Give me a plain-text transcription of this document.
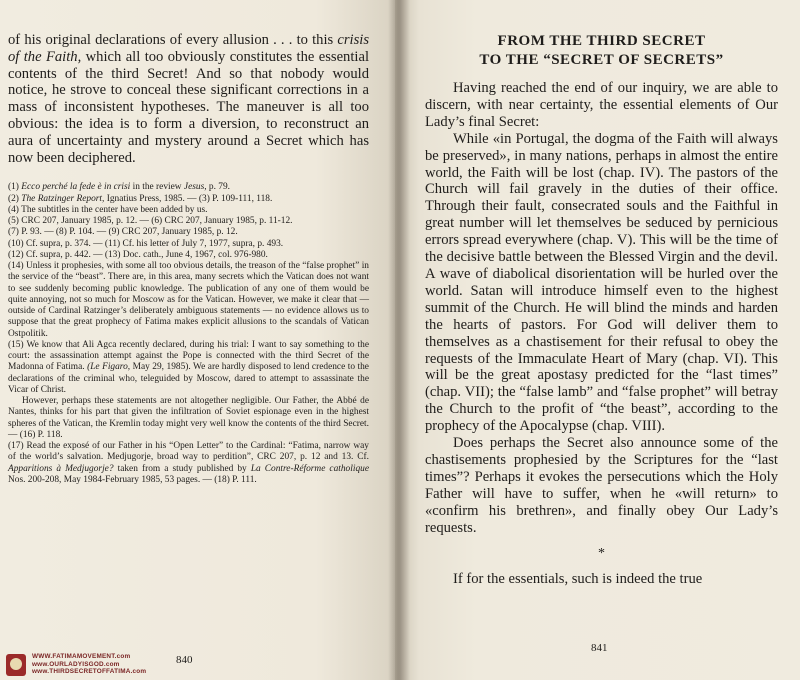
of his original declarations of every allusion . . . to this crisis of the Faith, which all too obviously constitutes the essential contents of the third Secret! And so that nobody would notice, he strove to conceal these significant corrections in a mass of inconsistent hypotheses. The maneuver is all too obvious: the idea is to form a diversion, to reconstruct an aura of uncertainty and mystery around a Secret which has now been deciphered.

(1) Ecco perché la fede è in crisi in the review Jesus, p. 79.

(2) The Ratzinger Report, Ignatius Press, 1985. — (3) P. 109-111, 118.

(4) The subtitles in the center have been added by us.

(5) CRC 207, January 1985, p. 12. — (6) CRC 207, January 1985, p. 11-12.

(7) P. 93. — (8) P. 104. — (9) CRC 207, January 1985, p. 12.

(10) Cf. supra, p. 374. — (11) Cf. his letter of July 7, 1977, supra, p. 493.

(12) Cf. supra, p. 442. — (13) Doc. cath., June 4, 1967, col. 976-980.

(14) Unless it prophesies, with some all too obvious details, the treason of the “false prophet” in the service of the “beast”. There are, in this area, many secrets which the Vatican does not want to see suddenly becoming public knowledge. The publication of any one of them would be quite annoying, not so much for Moscow as for the Vatican. However, we make it clear that — outside of Cardinal Ratzinger’s deliberately ambiguous statements — no evidence allows us to suppose that the great prophecy of Fatima makes explicit allusions to the scandals of Vatican Ostpolitik.

(15) We know that Ali Agca recently declared, during his trial: I want to say something to the court: the assassination attempt against the Pope is connected with the third Secret of the Madonna of Fatima. (Le Figaro, May 29, 1985). We are hardly disposed to lend credence to the declarations of the criminal who, teleguided by Moscow, dared to attempt to assassinate the Vicar of Christ.

However, perhaps these statements are not altogether negligible. Our Father, the Abbé de Nantes, thinks for his part that given the infiltration of Soviet espionage even in the highest spheres of the Vatican, the Kremlin today might very well know the contents of the third Secret. — (16) P. 118.

(17) Read the exposé of our Father in his “Open Letter” to the Cardinal: “Fatima, narrow way of the world’s salvation. Medjugorje, broad way to perdition”, CRC 207, p. 12 and 13. Cf. Apparitions à Medjugorje? taken from a study published by La Contre-Réforme catholique Nos. 200-208, May 1984-February 1985, 53 pages. — (18) P. 111.

840
WWW.FATIMAMOVEMENT.com
www.OURLADYISGOD.com
www.THIRDSECRETOFFATIMA.com
FROM THE THIRD SECRET
TO THE “SECRET OF SECRETS”

Having reached the end of our inquiry, we are able to discern, with near certainty, the essential elements of Our Lady’s final Secret:

While «in Portugal, the dogma of the Faith will always be preserved», in many nations, perhaps in almost the entire world, the Faith will be lost (chap. IV). The pastors of the Church will fail gravely in the duties of their office. Through their fault, consecrated souls and the Faithful in great number will let themselves be seduced by pernicious errors spread everywhere (chap. V). This will be the time of the decisive battle between the Blessed Virgin and the devil. A wave of diabolical disorientation will be hurled over the world. Satan will introduce himself even to the highest summit of the Church. He will blind the minds and harden the hearts of pastors. For God will deliver them to themselves as a chastisement for their refusal to obey the requests of the Immaculate Heart of Mary (chap. VI). This will be the great apostasy predicted for the “last times” (chap. VII); the “false lamb” and “false prophet” will betray the Church to the profit of “the beast”, according to the prophecy of the Apocalypse (chap. VIII).

Does perhaps the Secret also announce some of the chastisements prophesied by the Scriptures for the “last times”? Perhaps it evokes the persecutions which the Holy Father will have to suffer, when he «will return» to «confirm his brethren», and finally obey Our Lady’s requests.

*

If for the essentials, such is indeed the true

841
